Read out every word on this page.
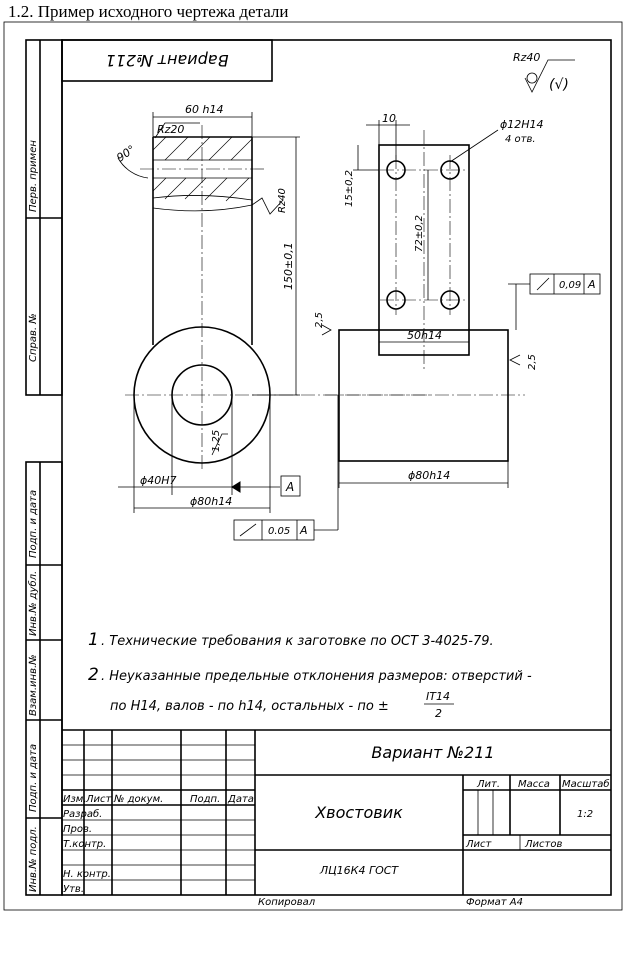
1.2. Пример исходного чертежа детали
Перв. примен
Справ. №
Подп. и дата
Инв.№ дубл.
Взам.инв.№
Подп. и дата
Инв.№ подл.
Вариант №211	Rz40
(√)
60 h14
Rz20
90°
Rz40
150±0,1
1,25
ϕ40Н7	А
ϕ80h14
0.05 А
10	ϕ12Н14
4 отв.
15±0,2
72±0,2
0,09 А
2,5
50h14
2,5
ϕ80h14
1 . Технические требования к заготовке по ОСТ 3-4025-79.
2 . Неуказанные предельные отклонения размеров: отверстий -
по Н14, валов - по h14, остальных - по ±
IT14
2
Вариант №211
Хвостовик
ЛЦ16К4 ГОСТ
Изм. Лист № докум.	Подп. Дата
Разраб.
Пров.
Т.контр.
Н. контр.
Утв.
Лит. Масса Масштаб
1:2
Лист	Листов
Копировал	Формат А4
